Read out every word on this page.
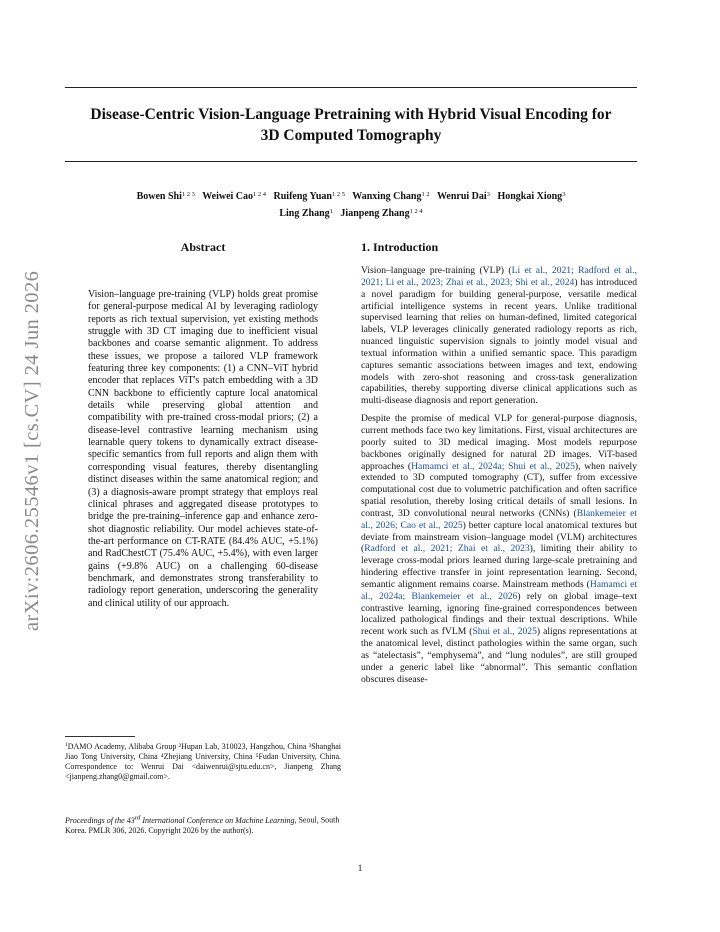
arXiv:2606.25546v1 [cs.CV] 24 Jun 2026
Disease-Centric Vision-Language Pretraining with Hybrid Visual Encoding for
3D Computed Tomography
Bowen Shi$^{1 2 3}$ Weiwei Cao$^{1 2 4}$ Ruifeng Yuan$^{1 2 5}$ Wanxing Chang$^{1 2}$ Wenrui Dai$^3$ Hongkai Xiong$^3$
Ling Zhang$^1$ Jianpeng Zhang$^{1 2 4}$
Abstract
Vision–language pre-training (VLP) holds great promise for general-purpose medical AI by leveraging radiology reports as rich textual supervision, yet existing methods struggle with 3D CT imaging due to inefficient visual backbones and coarse semantic alignment. To address these issues, we propose a tailored VLP framework featuring three key components: (1) a CNN–ViT hybrid encoder that replaces ViT's patch embedding with a 3D CNN backbone to efficiently capture local anatomical details while preserving global attention and compatibility with pre-trained cross-modal priors; (2) a disease-level contrastive learning mechanism using learnable query tokens to dynamically extract disease-specific semantics from full reports and align them with corresponding visual features, thereby disentangling distinct diseases within the same anatomical region; and (3) a diagnosis-aware prompt strategy that employs real clinical phrases and aggregated disease prototypes to bridge the pre-training–inference gap and enhance zero-shot diagnostic reliability. Our model achieves state-of-the-art performance on CT-RATE (84.4% AUC, +5.1%) and RadChestCT (75.4% AUC, +5.4%), with even larger gains (+9.8% AUC) on a challenging 60-disease benchmark, and demonstrates strong transferability to radiology report generation, underscoring the generality and clinical utility of our approach.
1. Introduction

Vision–language pre-training (VLP) (Li et al., 2021; Radford et al., 2021; Li et al., 2023; Zhai et al., 2023; Shi et al., 2024) has introduced a novel paradigm for building general-purpose, versatile medical artificial intelligence systems in recent years. Unlike traditional supervised learning that relies on human-defined, limited categorical labels, VLP leverages clinically generated radiology reports as rich, nuanced linguistic supervision signals to jointly model visual and textual information within a unified semantic space. This paradigm captures semantic associations between images and text, endowing models with zero-shot reasoning and cross-task generalization capabilities, thereby supporting diverse clinical applications such as multi-disease diagnosis and report generation.

Despite the promise of medical VLP for general-purpose diagnosis, current methods face two key limitations. First, visual architectures are poorly suited to 3D medical imaging. Most models repurpose backbones originally designed for natural 2D images. ViT-based approaches (Hamamci et al., 2024a; Shui et al., 2025), when naively extended to 3D computed tomography (CT), suffer from excessive computational cost due to volumetric patchification and often sacrifice spatial resolution, thereby losing critical details of small lesions. In contrast, 3D convolutional neural networks (CNNs) (Blankemeier et al., 2026; Cao et al., 2025) better capture local anatomical textures but deviate from mainstream vision–language model (VLM) architectures (Radford et al., 2021; Zhai et al., 2023), limiting their ability to leverage cross-modal priors learned during large-scale pretraining and hindering effective transfer in joint representation learning. Second, semantic alignment remains coarse. Mainstream methods (Hamamci et al., 2024a; Blankemeier et al., 2026) rely on global image–text contrastive learning, ignoring fine-grained correspondences between localized pathological findings and their textual descriptions. While recent work such as fVLM (Shui et al., 2025) aligns representations at the anatomical level, distinct pathologies within the same organ, such as “atelectasis”, “emphysema”, and “lung nodules”, are still grouped under a generic label like “abnormal”. This semantic conflation obscures disease-

$^1$DAMO Academy, Alibaba Group ²Hupan Lab, 310023, Hangzhou, China ³Shanghai Jiao Tong University, China ⁴Zhejiang University, China ⁵Fudan University, China. Correspondence to: Wenrui Dai <daiwenrui@sjtu.edu.cn>, Jianpeng Zhang <jianpeng.zhang0@gmail.com>.
Proceedings of the 43rd International Conference on Machine Learning, Seoul, South Korea. PMLR 306, 2026. Copyright 2026 by the author(s).
1
